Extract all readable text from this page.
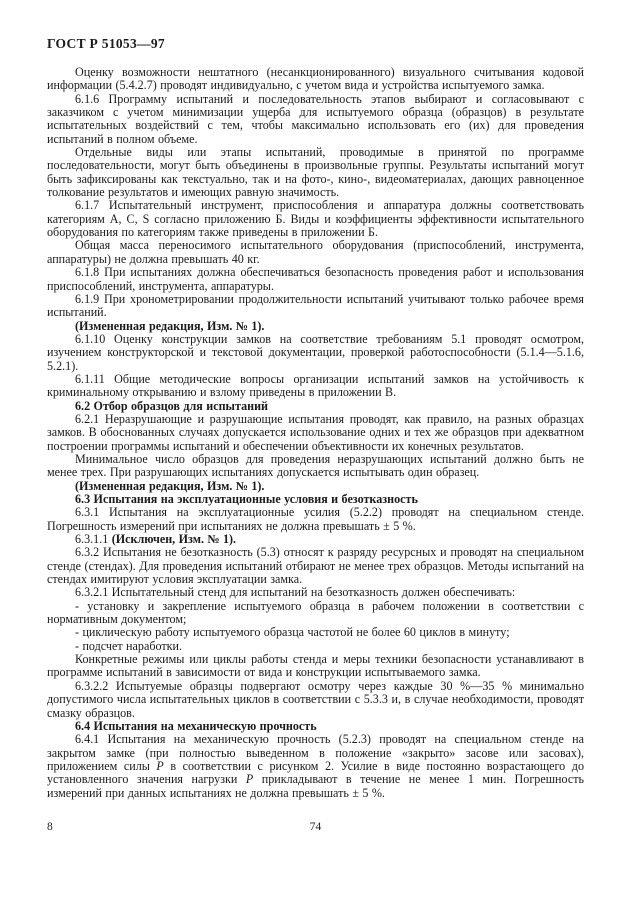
ГОСТ Р 51053—97

Оценку возможности нештатного (несанкционированного) визуального считывания кодовой информации (5.4.2.7) проводят индивидуально, с учетом вида и устройства испытуемого замка.

6.1.6 Программу испытаний и последовательность этапов выбирают и согласовывают с заказчиком с учетом минимизации ущерба для испытуемого образца (образцов) в результате испытательных воздействий с тем, чтобы максимально использовать его (их) для проведения испытаний в полном объеме.

Отдельные виды или этапы испытаний, проводимые в принятой по программе последовательности, могут быть объединены в произвольные группы. Результаты испытаний могут быть зафиксированы как текстуально, так и на фото-, кино-, видеоматериалах, дающих равноценное толкование результатов и имеющих равную значимость.

6.1.7 Испытательный инструмент, приспособления и аппаратура должны соответствовать категориям А, С, S согласно приложению Б. Виды и коэффициенты эффективности испытательного оборудования по категориям также приведены в приложении Б.

Общая масса переносимого испытательного оборудования (приспособлений, инструмента, аппаратуры) не должна превышать 40 кг.

6.1.8 При испытаниях должна обеспечиваться безопасность проведения работ и использования приспособлений, инструмента, аппаратуры.

6.1.9 При хронометрировании продолжительности испытаний учитывают только рабочее время испытаний.

(Измененная редакция, Изм. № 1).

6.1.10 Оценку конструкции замков на соответствие требованиям 5.1 проводят осмотром, изучением конструкторской и текстовой документации, проверкой работоспособности (5.1.4—5.1.6, 5.2.1).

6.1.11 Общие методические вопросы организации испытаний замков на устойчивость к криминальному открыванию и взлому приведены в приложении В.

6.2 Отбор образцов для испытаний

6.2.1 Неразрушающие и разрушающие испытания проводят, как правило, на разных образцах замков. В обоснованных случаях допускается использование одних и тех же образцов при адекватном построении программы испытаний и обеспечении объективности их конечных результатов.

Минимальное число образцов для проведения неразрушающих испытаний должно быть не менее трех. При разрушающих испытаниях допускается испытывать один образец.

(Измененная редакция, Изм. № 1).

6.3 Испытания на эксплуатационные условия и безотказность

6.3.1 Испытания на эксплуатационные усилия (5.2.2) проводят на специальном стенде. Погрешность измерений при испытаниях не должна превышать ± 5 %.

6.3.1.1 (Исключен, Изм. № 1).

6.3.2 Испытания не безотказность (5.3) относят к разряду ресурсных и проводят на специальном стенде (стендах). Для проведения испытаний отбирают не менее трех образцов. Методы испытаний на стендах имитируют условия эксплуатации замка.

6.3.2.1 Испытательный стенд для испытаний на безотказность должен обеспечивать:

- установку и закрепление испытуемого образца в рабочем положении в соответствии с нормативным документом;

- циклическую работу испытуемого образца частотой не более 60 циклов в минуту;

- подсчет наработки.

Конкретные режимы или циклы работы стенда и меры техники безопасности устанавливают в программе испытаний в зависимости от вида и конструкции испытываемого замка.

6.3.2.2 Испытуемые образцы подвергают осмотру через каждые 30 %—35 % минимально допустимого числа испытательных циклов в соответствии с 5.3.3 и, в случае необходимости, проводят смазку образцов.

6.4 Испытания на механическую прочность

6.4.1 Испытания на механическую прочность (5.2.3) проводят на специальном стенде на закрытом замке (при полностью выведенном в положение «закрыто» засове или засовах), приложением силы P в соответствии с рисунком 2. Усилие в виде постоянно возрастающего до установленного значения нагрузки P прикладывают в течение не менее 1 мин. Погрешность измерений при данных испытаниях не должна превышать ± 5 %.

8	74
